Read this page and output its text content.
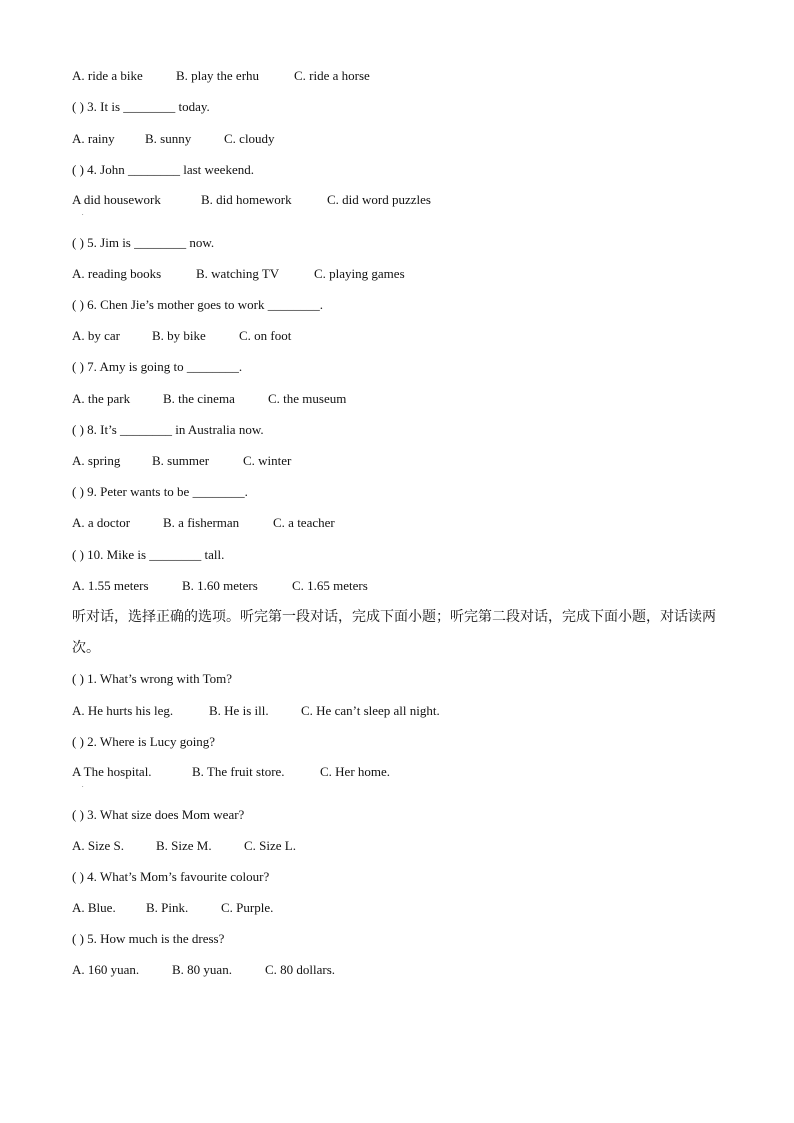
A. ride a bike	B. play the erhu	C. ride a horse
( ) 3. It is ________ today.
A. rainy B. sunny	C. cloudy
( ) 4. John ________ last weekend.
A did housework	B. did homework	C. did word puzzles
.
( ) 5. Jim is ________ now.
A. reading books	B. watching TV	C. playing games
( ) 6. Chen Jie’s mother goes to work ________.
A. by car B. by bike	C. on foot
( ) 7. Amy is going to ________.
A. the park	B. the cinema	C. the museum
( ) 8. It’s ________ in Australia now.
A. spring B. summer	C. winter
( ) 9. Peter wants to be ________.
A. a doctor	B. a fisherman	C. a teacher
( ) 10. Mike is ________ tall.
A. 1.55 meters	B. 1.60 meters	C. 1.65 meters
听对话，选择正确的选项。听完第一段对话，完成下面小题；听完第二段对话，完成下面小题，对话读两次。
( ) 1. What’s wrong with Tom?
A. He hurts his leg.	B. He is ill. C. He can’t sleep all night.
( ) 2. Where is Lucy going?
A The hospital.	B. The fruit store.	C. Her home.
.
( ) 3. What size does Mom wear?
A. Size S. B. Size M. C. Size L.
( ) 4. What’s Mom’s favourite colour?
A. Blue. B. Pink.	C. Purple.
( ) 5. How much is the dress?
A. 160 yuan.	B. 80 yuan.	C. 80 dollars.
